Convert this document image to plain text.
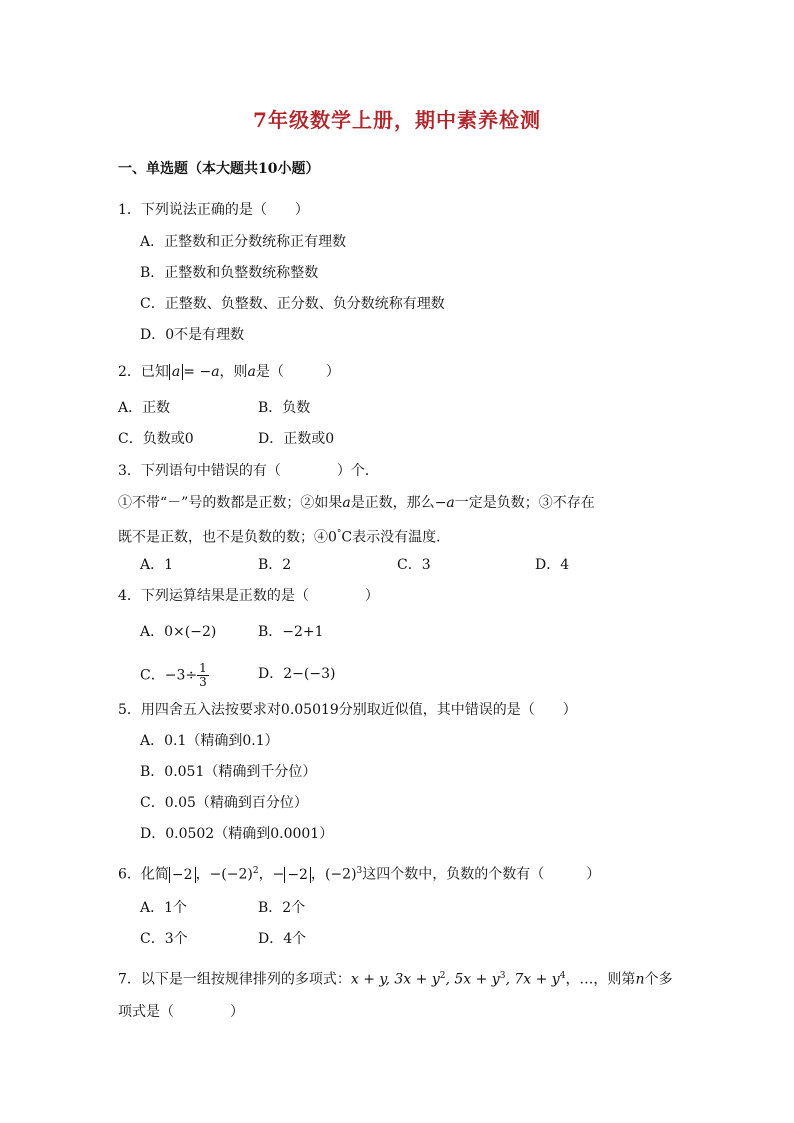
7年级数学上册，期中素养检测
一、单选题（本大题共10小题）
1．下列说法正确的是（　　）
A．正整数和正分数统称正有理数
B．正整数和负整数统称整数
C．正整数、负整数、正分数、负分数统称有理数
D．0不是有理数
2．已知 a = −a，则a是（　　　）
A．正数	B．负数
C．负数或0	D．正数或0
3．下列语句中错误的有（　　　　）个．
①不带“－”号的数都是正数；②如果a是正数，那么−a一定是负数；③不存在
既不是正数，也不是负数的数；④0°C表示没有温度．
A．1	B．2	C．3	D．4
4．下列运算结果是正数的是（　　　　）
A．0×(−2)	B．−2+1
C．$-3\div \frac{1}{3}$	D．2−(−3)
5．用四舍五入法按要求对0.05019分别取近似值，其中错误的是（　　）
A．0.1（精确到0.1）
B．0.051（精确到千分位）
C．0.05（精确到百分位）
D．0.0502（精确到0.0001）
6．化简 −2 ，$-(-2)^2$，− −2 ，$(-2)^3$这四个数中，负数的个数有（　　　）
A．1个	B．2个
C．3个	D．4个
7．以下是一组按规律排列的多项式：x + y, $3x + y^2$, $5x + y^3$, $7x + y^4$，…，则第n个多
项式是（　　　　）
